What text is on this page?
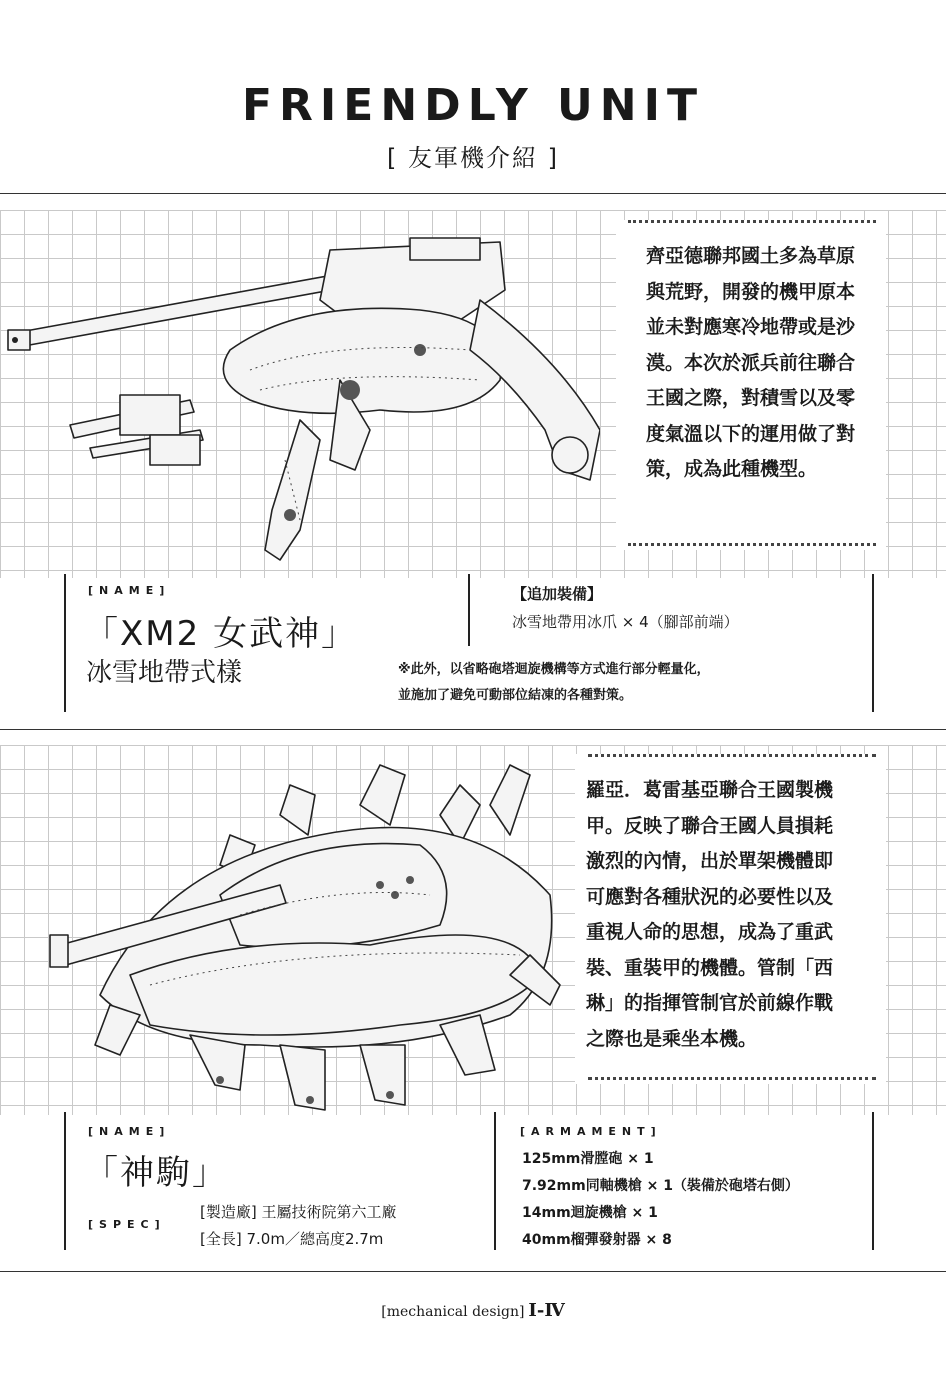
FRIENDLY UNIT
[ 友軍機介紹 ]
齊亞德聯邦國土多為草原
與荒野，開發的機甲原本
並未對應寒冷地帶或是沙
漠。本次於派兵前往聯合
王國之際，對積雪以及零
度氣溫以下的運用做了對
策，成為此種機型。
[NAME]
「XM2 女武神」
冰雪地帶式樣
【追加裝備】
冰雪地帶用冰爪 × 4（腳部前端）
※此外，以省略砲塔迴旋機構等方式進行部分輕量化，
並施加了避免可動部位結凍的各種對策。
羅亞．葛雷基亞聯合王國製機
甲。反映了聯合王國人員損耗
激烈的內情，出於單架機體即
可應對各種狀況的必要性以及
重視人命的思想，成為了重武
裝、重裝甲的機體。管制「西
琳」的指揮管制官於前線作戰
之際也是乘坐本機。
[NAME]
「神駒」
[SPEC]
[製造廠] 王屬技術院第六工廠
[全長] 7.0m／總高度2.7m
[ARMAMENT]
125mm滑膛砲 × 1
7.92mm同軸機槍 × 1（裝備於砲塔右側）
14mm迴旋機槍 × 1
40mm榴彈發射器 × 8
[mechanical design] I-Ⅳ
